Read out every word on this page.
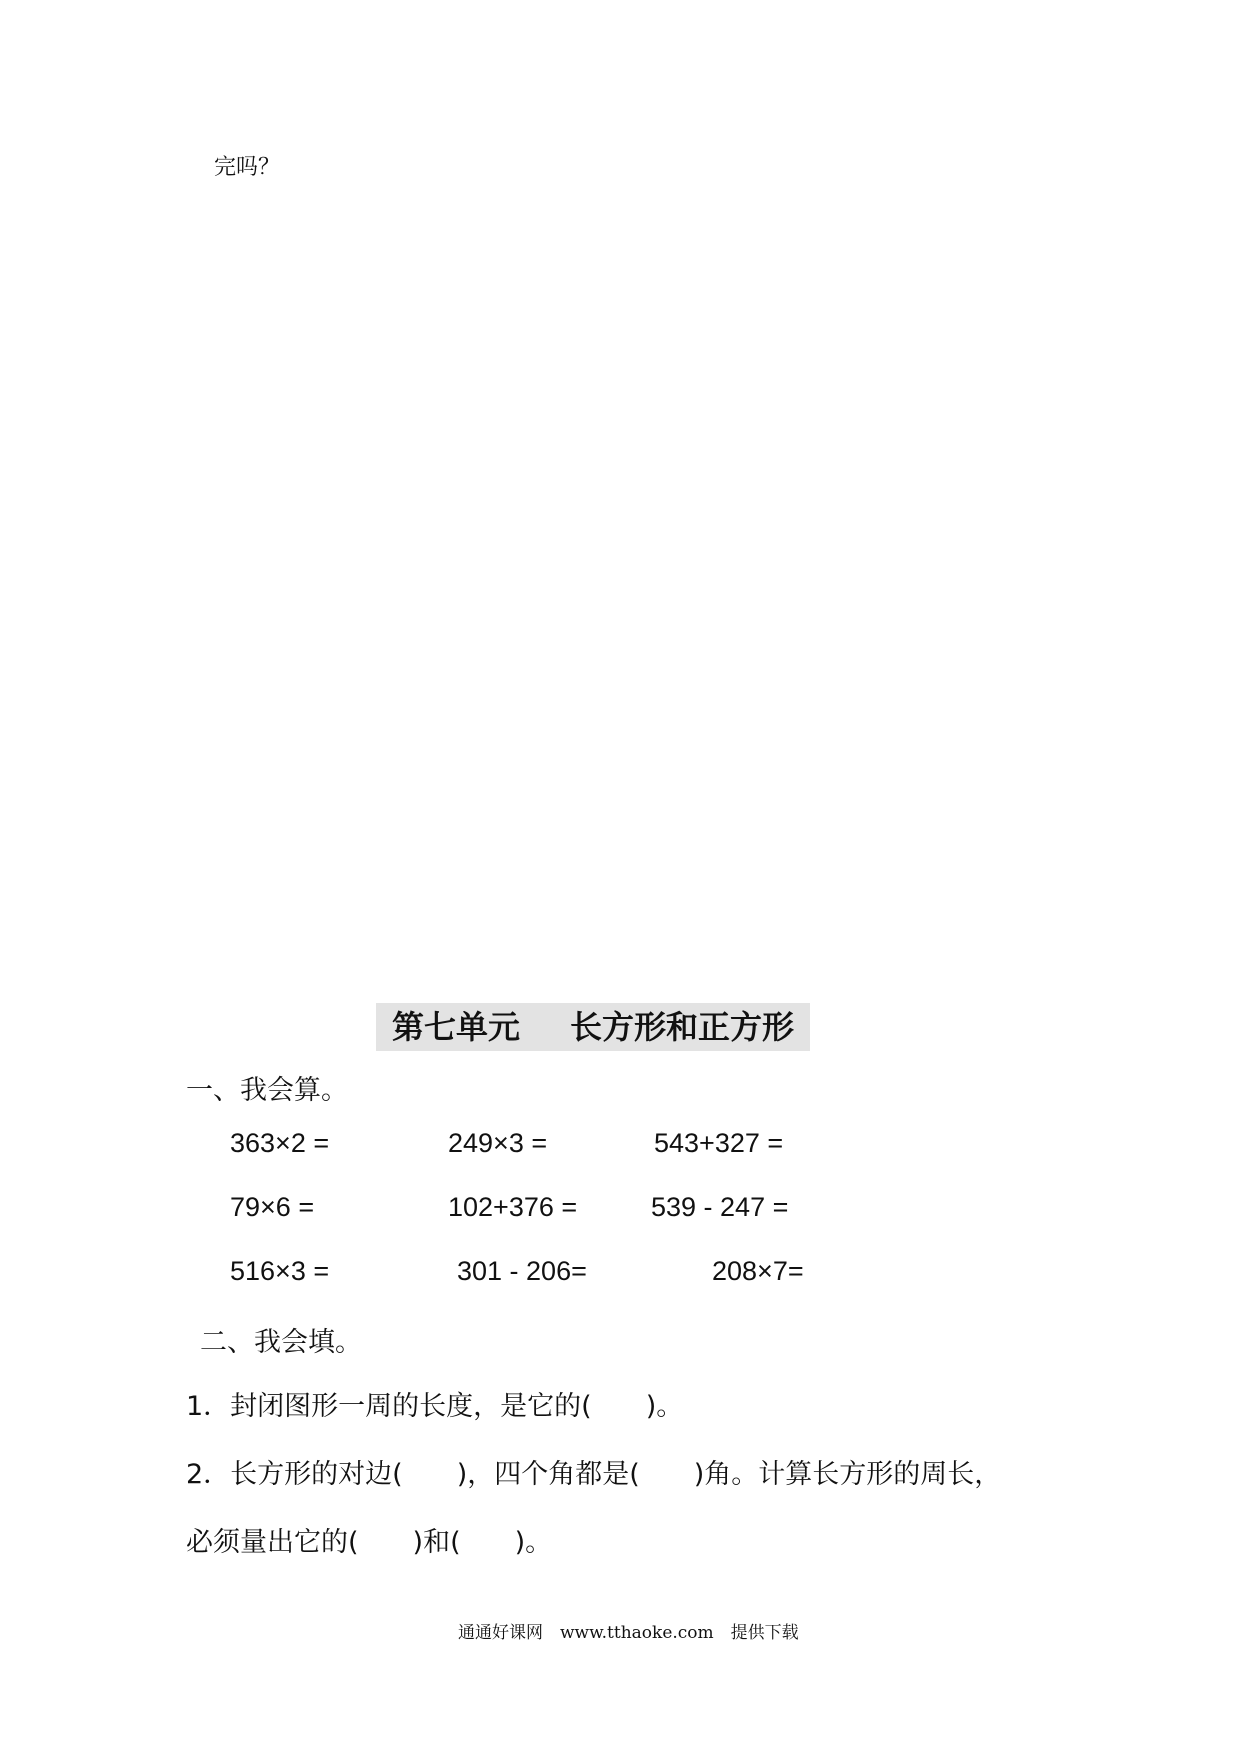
完吗？
第七单元 长方形和正方形
一、我会算。
363×2 =	249×3 =	543+327 =
79×6 =	102+376 =	539 - 247 =
516×3 =	301 - 206=	208×7=
二、我会填。
1．封闭图形一周的长度，是它的(　　)。
2．长方形的对边(　　)，四个角都是(　　)角。计算长方形的周长，
必须量出它的(　　)和(　　)。
通通好课网　www.tthaoke.com　提供下载
